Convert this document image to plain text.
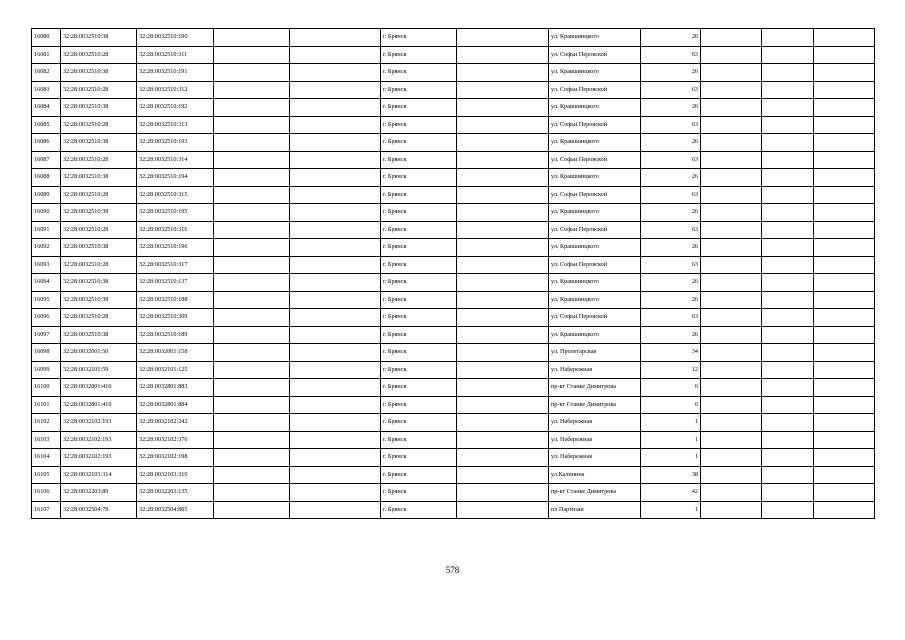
16080	32:28:0032510:38	32:28:0032510:190			г. Брянск		ул. Кравшинцкого	26			
16081	32:28:0032510:28	32:28:0032510:311			г. Брянск		ул. Софьи Перовской	63			
16082	32:28:0032510:38	32:28:0032510:191			г. Брянск		ул. Кравшинцкого	26			
16083	32:28:0032510:28	32:28:0032510:312			г. Брянск		ул. Софьи Перовской	63			
16084	32:28:0032510:38	32:28:0032510:192			г. Брянск		ул. Кравшинцкого	26			
16085	32:28:0032510:28	32:28:0032510:313			г. Брянск		ул. Софьи Перовской	63			
16086	32:28:0032510:38	32:28:0032510:193			г. Брянск		ул. Кравшинцкого	26			
16087	32:28:0032510:28	32:28:0032510:314			г. Брянск		ул. Софьи Перовской	63			
16088	32:28:0032510:38	32:28:0032510:194			г. Брянск		ул. Кравшинцкого	26			
16089	32:28:0032510:28	32:28:0032510:315			г. Брянск		ул. Софьи Перовской	63			
16090	32:28:0032510:38	32:28:0032510:195			г. Брянск		ул. Кравшинцкого	26			
16091	32:28:0032510:28	32:28:0032510:316			г. Брянск		ул. Софьи Перовской	63			
16092	32:28:0032510:38	32:28:0032510:196			г. Брянск		ул. Кравшинцкого	26			
16093	32:28:0032510:28	32:28:0032510:317			г. Брянск		ул. Софьи Перовской	63			
16094	32:28:0032510:38	32:28:0032510:137			г. Брянск		ул. Кравшинцкого	26			
16095	32:28:0032510:38	32:28:0032510:188			г. Брянск		ул. Кравшинцкого	26			
16096	32:28:0032510:28	32:28:0032510:309			г. Брянск		ул. Софьи Перовской	63			
16097	32:28:0032510:38	32:28:0032510:189			г. Брянск		ул. Кравшинцкого	26			
16098	32:28:0032001:50	32:28:0032001:158			г. Брянск		ул. Пролетарская	34			
16099	32:28:0032101:59	32:28:0032101:125			г. Брянск		ул. Набережная	12			
16100	32:28:0032801:410	32:28:0032801:883			г. Брянск		пр-кт Станке Димитрова	6			
16101	32:28:0032801:410	32:28:0032801:884			г. Брянск		пр-кт Станке Димитрова	6			
16102	32:28:0032102:193	32:28:0032102:242			г. Брянск		ул. Набережная	1			
16103	32:28:0032102:193	32:28:0032102:376			г. Брянск		ул. Набережная	1			
16104	32:28:0032102:193	32:28:0032102:198			г. Брянск		ул. Набережная	1			
16105	32:28:0032103:314	32:28:0032103:310			г. Брянск		ул.Калинина	38			
16106	32:28:0032203:89	32:28:0032203:135			г. Брянск		пр-кт Станке Димитрова	42			
16107	32:28:0032504:79	32:28:0032504:805			г. Брянск		пл Партизан	1			
578
